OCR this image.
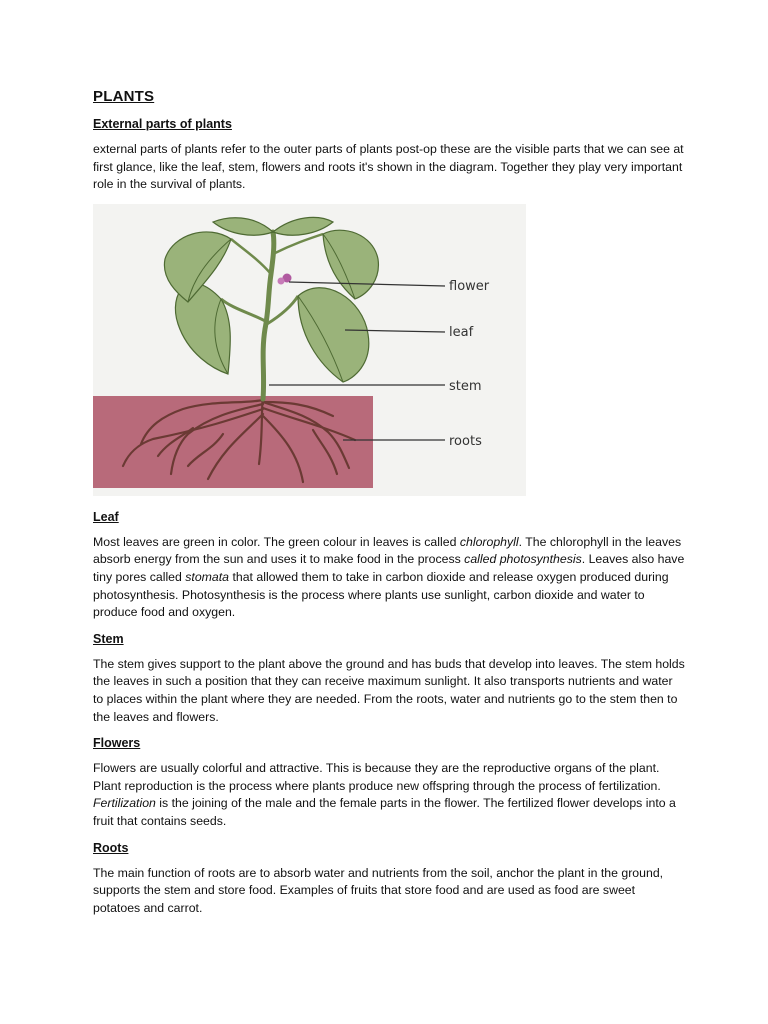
PLANTS
External parts of plants

external parts of plants refer to the outer parts of plants post-op these are the visible parts that we can see at first glance, like the leaf, stem, flowers and roots it's shown in the diagram. Together they play very important role in the survival of plants.

flower
leaf
stem
roots
Leaf

Most leaves are green in color. The green colour in leaves is called chlorophyll. The chlorophyll in the leaves absorb energy from the sun and uses it to make food in the process called photosynthesis. Leaves also have tiny pores called stomata that allowed them to take in carbon dioxide and release oxygen produced during photosynthesis. Photosynthesis is the process where plants use sunlight, carbon dioxide and water to produce food and oxygen.

Stem

The stem gives support to the plant above the ground and has buds that develop into leaves. The stem holds the leaves in such a position that they can receive maximum sunlight. It also transports nutrients and water to places within the plant where they are needed. From the roots, water and nutrients go to the stem then to the leaves and flowers.

Flowers

Flowers are usually colorful and attractive. This is because they are the reproductive organs of the plant. Plant reproduction is the process where plants produce new offspring through the process of fertilization. Fertilization is the joining of the male and the female parts in the flower. The fertilized flower develops into a fruit that contains seeds.

Roots

The main function of roots are to absorb water and nutrients from the soil, anchor the plant in the ground, supports the stem and store food. Examples of fruits that store food and are used as food are sweet potatoes and carrot.
